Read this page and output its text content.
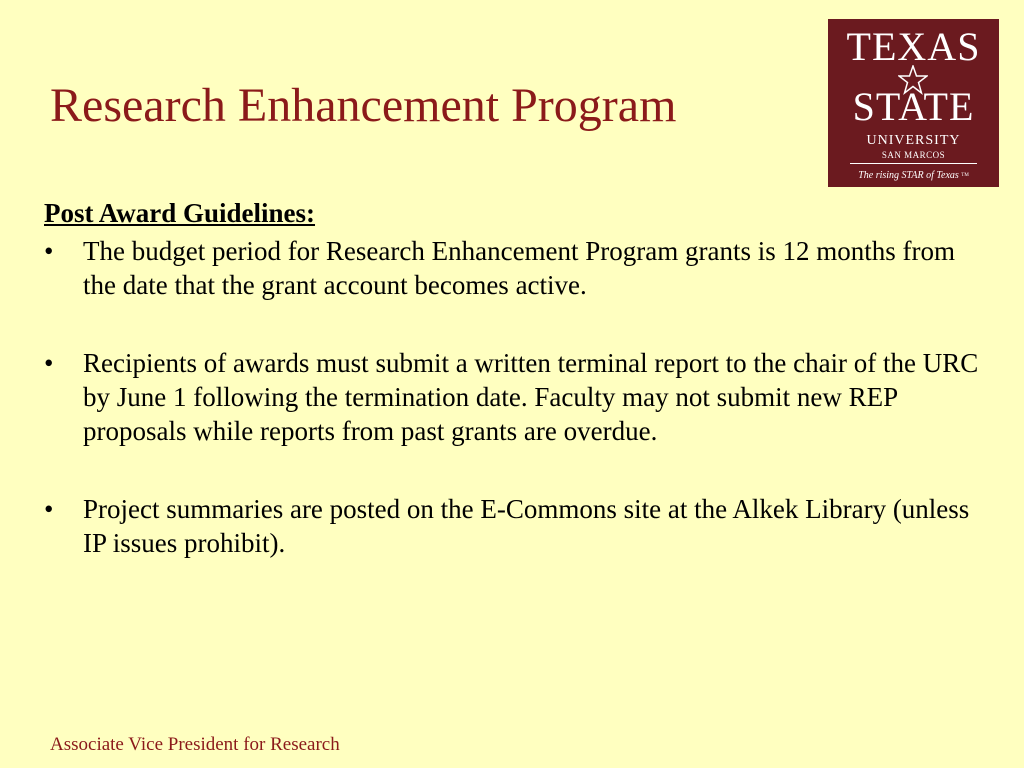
Research Enhancement Program
TEXAS
STATE
UNIVERSITY
SAN MARCOS
The rising STAR of Texas ™

Post Award Guidelines:

• The budget period for Research Enhancement Program grants is 12 months from the date that the grant account becomes active.
• Recipients of awards must submit a written terminal report to the chair of the URC by June 1 following the termination date. Faculty may not submit new REP proposals while reports from past grants are overdue.
• Project summaries are posted on the E-Commons site at the Alkek Library (unless IP issues prohibit).
Associate Vice President for Research
